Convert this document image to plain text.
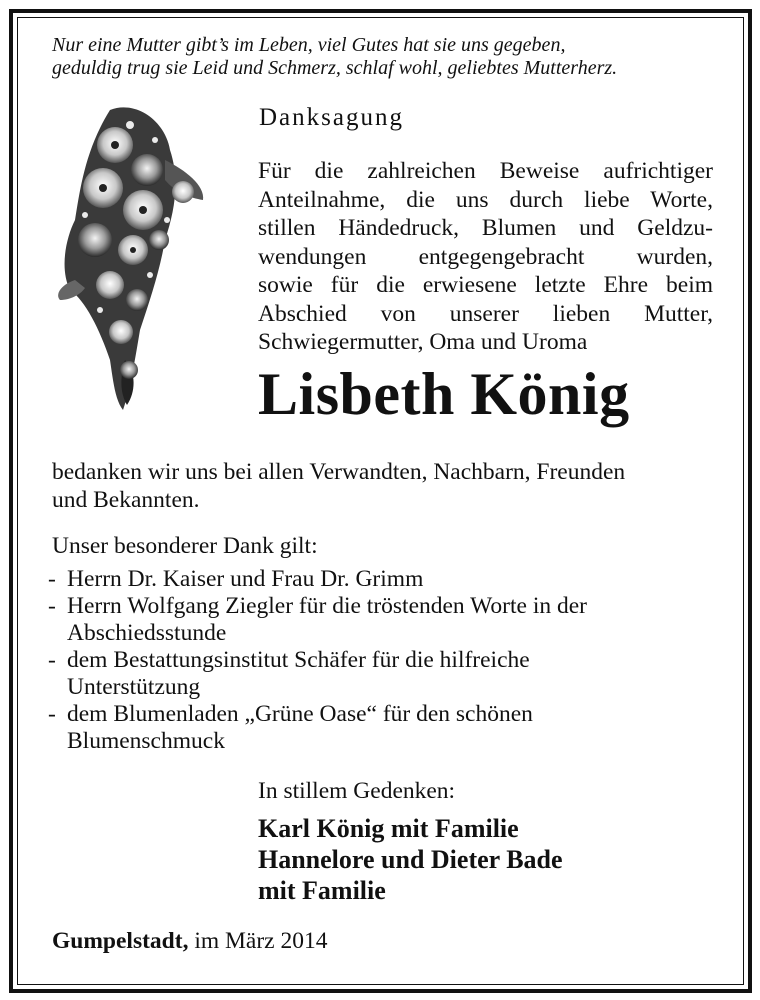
Nur eine Mutter gibt’s im Leben, viel Gutes hat sie uns gegeben,
geduldig trug sie Leid und Schmerz, schlaf wohl, geliebtes Mutterherz.
Danksagung
Für die zahlreichen Beweise aufrichtiger
Anteilnahme, die uns durch liebe Worte,
stillen Händedruck, Blumen und Geldzu-
wendungen entgegengebracht wurden,
sowie für die erwiesene letzte Ehre beim
Abschied von unserer lieben Mutter,
Schwiegermutter, Oma und Uroma
Lisbeth König
bedanken wir uns bei allen Verwandten, Nachbarn, Freunden
und Bekannten.
Unser besonderer Dank gilt:
- Herrn Dr. Kaiser und Frau Dr. Grimm
- Herrn Wolfgang Ziegler für die tröstenden Worte in der
Abschiedsstunde
- dem Bestattungsinstitut Schäfer für die hilfreiche
Unterstützung
- dem Blumenladen „Grüne Oase“ für den schönen
Blumenschmuck
In stillem Gedenken:
Karl König mit Familie
Hannelore und Dieter Bade
mit Familie
Gumpelstadt, im März 2014
